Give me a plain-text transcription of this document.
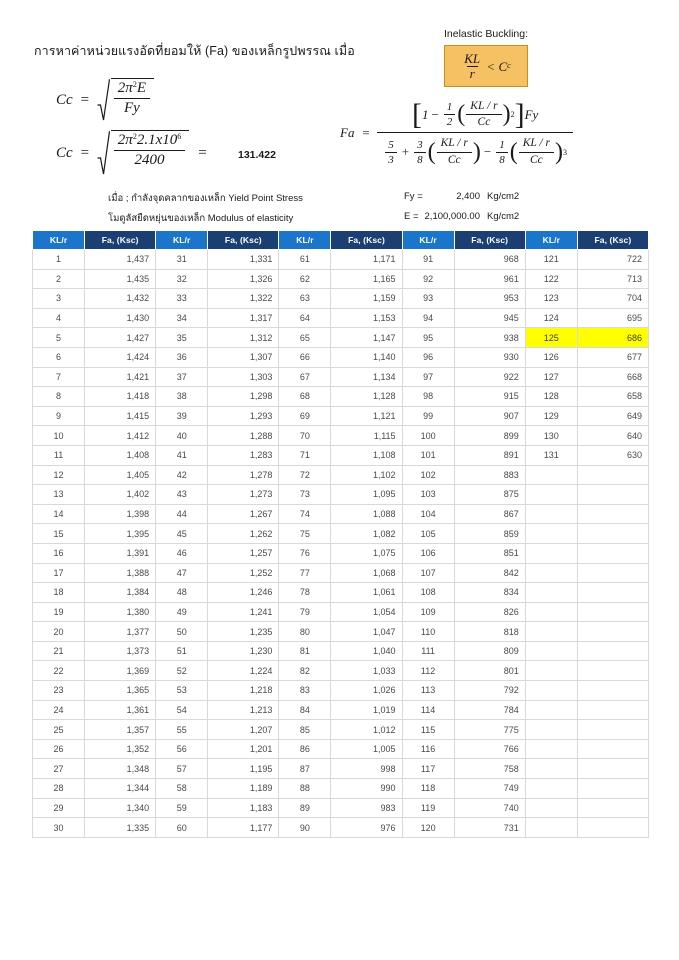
การหาค่าหน่วยแรงอัดที่ยอมให้ (Fa) ของเหล็กรูปพรรณ เมื่อ
Inelastic Buckling:
$\frac{KL}{r} < C$ c
$Cc = \frac{2\pi^2E}{Fy}$
$Cc = \frac{2\pi^22.1x10^6}{2400}$ =	131.422
Fa =
[ $1 - \frac{1}{2}$ ( $\frac{KL / r}{Cc}$ ) 2 ] Fy
5
3
+ $\frac{3}{8}$ ( $\frac{KL / r}{Cc}$ ) − $\frac{1}{8}$ ( $\frac{KL / r}{Cc}$ ) 3
เมื่อ ; กำลังจุดคลากของเหล็ก Yield Point Stress	Fy =	2,400 Kg/cm2
โมดูลัสยืดหยุ่นของเหล็ก Modulus of elasticity	E = 2,100,000.00 Kg/cm2
KL/r	Fa, (Ksc)	KL/r	Fa, (Ksc)	KL/r	Fa, (Ksc)	KL/r	Fa, (Ksc)	KL/r	Fa, (Ksc)
1	1,437	31	1,331	61	1,171	91	968	121	722
2	1,435	32	1,326	62	1,165	92	961	122	713
3	1,432	33	1,322	63	1,159	93	953	123	704
4	1,430	34	1,317	64	1,153	94	945	124	695
5	1,427	35	1,312	65	1,147	95	938	125	686
6	1,424	36	1,307	66	1,140	96	930	126	677
7	1,421	37	1,303	67	1,134	97	922	127	668
8	1,418	38	1,298	68	1,128	98	915	128	658
9	1,415	39	1,293	69	1,121	99	907	129	649
10	1,412	40	1,288	70	1,115	100	899	130	640
11	1,408	41	1,283	71	1,108	101	891	131	630
12	1,405	42	1,278	72	1,102	102	883		
13	1,402	43	1,273	73	1,095	103	875		
14	1,398	44	1,267	74	1,088	104	867		
15	1,395	45	1,262	75	1,082	105	859		
16	1,391	46	1,257	76	1,075	106	851		
17	1,388	47	1,252	77	1,068	107	842		
18	1,384	48	1,246	78	1,061	108	834		
19	1,380	49	1,241	79	1,054	109	826		
20	1,377	50	1,235	80	1,047	110	818		
21	1,373	51	1,230	81	1,040	111	809		
22	1,369	52	1,224	82	1,033	112	801		
23	1,365	53	1,218	83	1,026	113	792		
24	1,361	54	1,213	84	1,019	114	784		
25	1,357	55	1,207	85	1,012	115	775		
26	1,352	56	1,201	86	1,005	116	766		
27	1,348	57	1,195	87	998	117	758		
28	1,344	58	1,189	88	990	118	749		
29	1,340	59	1,183	89	983	119	740		
30	1,335	60	1,177	90	976	120	731		
